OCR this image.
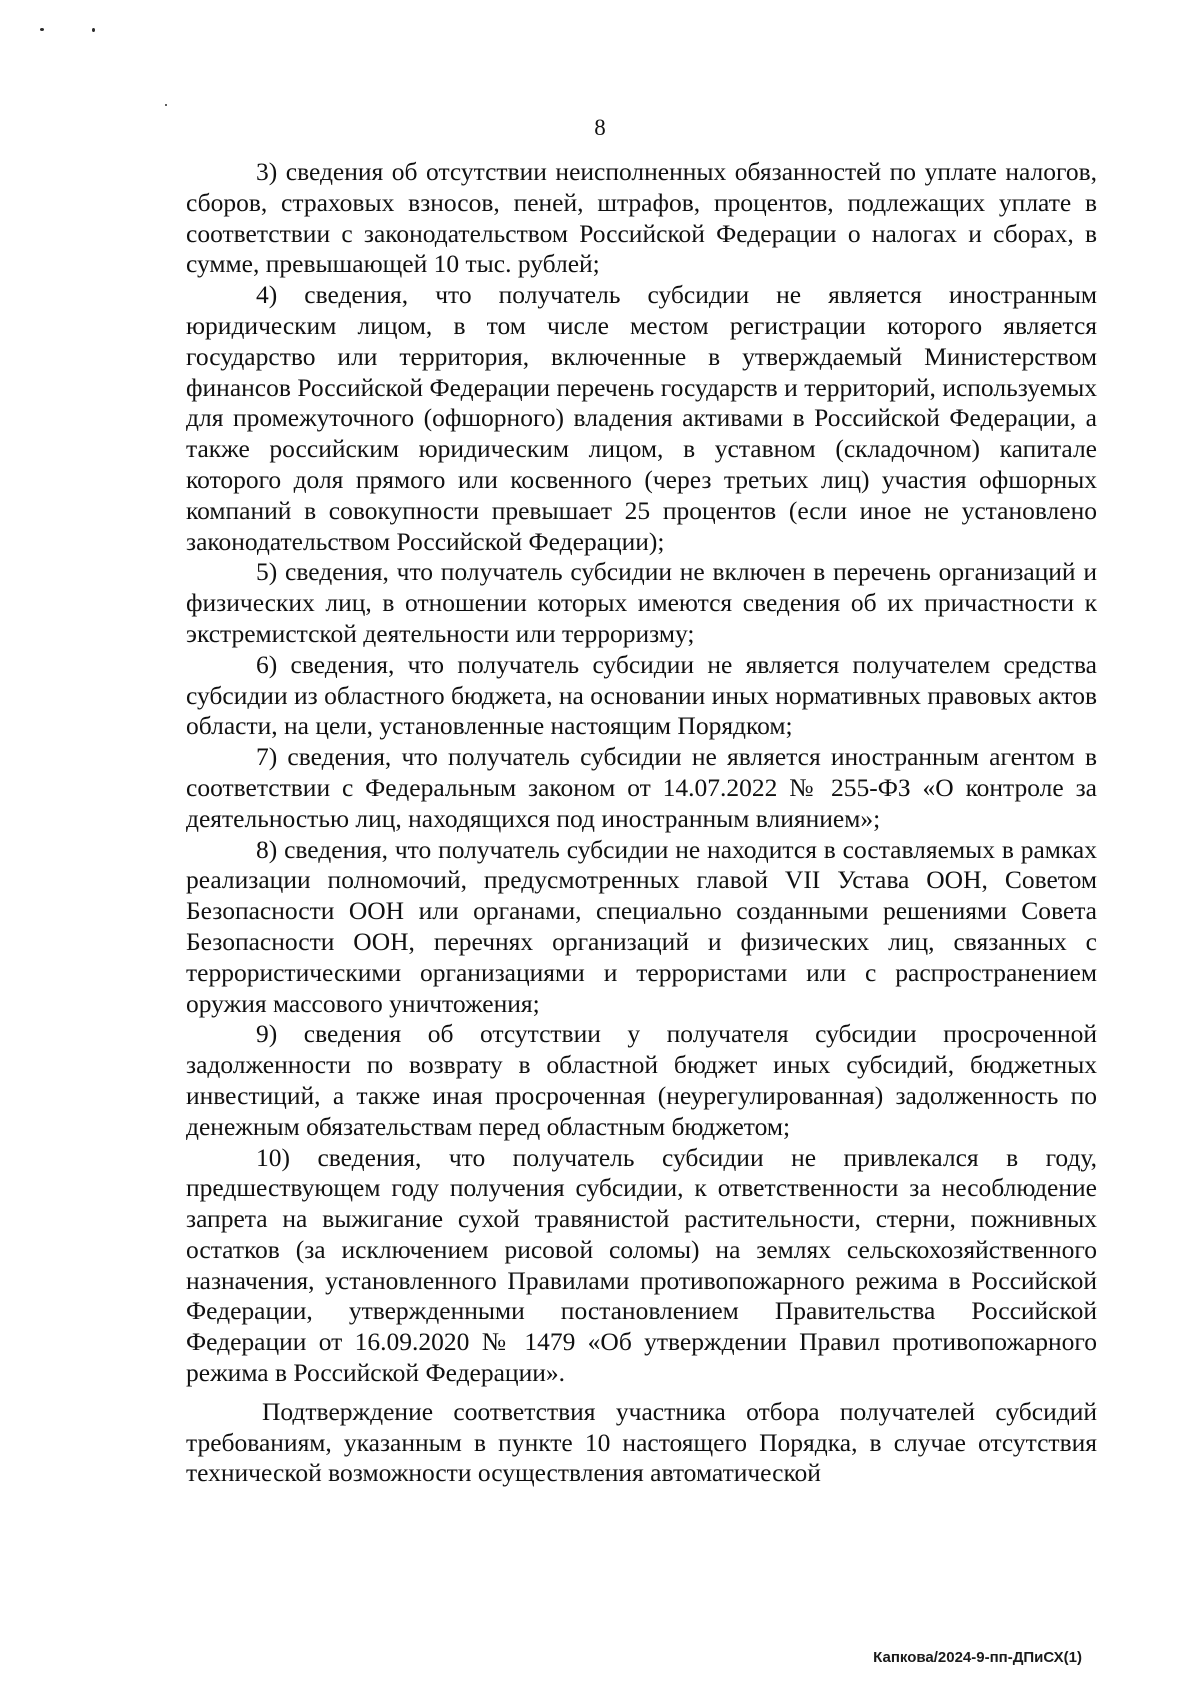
8

3) сведения об отсутствии неисполненных обязанностей по уплате налогов, сборов, страховых взносов, пеней, штрафов, процентов, подлежащих уплате в соответствии с законодательством Российской Федерации о налогах и сборах, в сумме, превышающей 10 тыс. рублей;

4) сведения, что получатель субсидии не является иностранным юридическим лицом, в том числе местом регистрации которого является государство или территория, включенные в утверждаемый Министерством финансов Российской Федерации перечень государств и территорий, используемых для промежуточного (офшорного) владения активами в Российской Федерации, а также российским юридическим лицом, в уставном (складочном) капитале которого доля прямого или косвенного (через третьих лиц) участия офшорных компаний в совокупности превышает 25 процентов (если иное не установлено законодательством Российской Федерации);

5) сведения, что получатель субсидии не включен в перечень организаций и физических лиц, в отношении которых имеются сведения об их причастности к экстремистской деятельности или терроризму;

6) сведения, что получатель субсидии не является получателем средства субсидии из областного бюджета, на основании иных нормативных правовых актов области, на цели, установленные настоящим Порядком;

7) сведения, что получатель субсидии не является иностранным агентом в соответствии с Федеральным законом от 14.07.2022 № 255-ФЗ «О контроле за деятельностью лиц, находящихся под иностранным влиянием»;

8) сведения, что получатель субсидии не находится в составляемых в рамках реализации полномочий, предусмотренных главой VII Устава ООН, Советом Безопасности ООН или органами, специально созданными решениями Совета Безопасности ООН, перечнях организаций и физических лиц, связанных с террористическими организациями и террористами или с распространением оружия массового уничтожения;

9) сведения об отсутствии у получателя субсидии просроченной задолженности по возврату в областной бюджет иных субсидий, бюджетных инвестиций, а также иная просроченная (неурегулированная) задолженность по денежным обязательствам перед областным бюджетом;

10) сведения, что получатель субсидии не привлекался в году, предшествующем году получения субсидии, к ответственности за несоблюдение запрета на выжигание сухой травянистой растительности, стерни, пожнивных остатков (за исключением рисовой соломы) на землях сельскохозяйственного назначения, установленного Правилами противопожарного режима в Российской Федерации, утвержденными постановлением Правительства Российской Федерации от 16.09.2020 № 1479 «Об утверждении Правил противопожарного режима в Российской Федерации».

Подтверждение соответствия участника отбора получателей субсидий требованиям, указанным в пункте 10 настоящего Порядка, в случае отсутствия технической возможности осуществления автоматической

Капкова/2024-9-пп-ДПиСХ(1)
